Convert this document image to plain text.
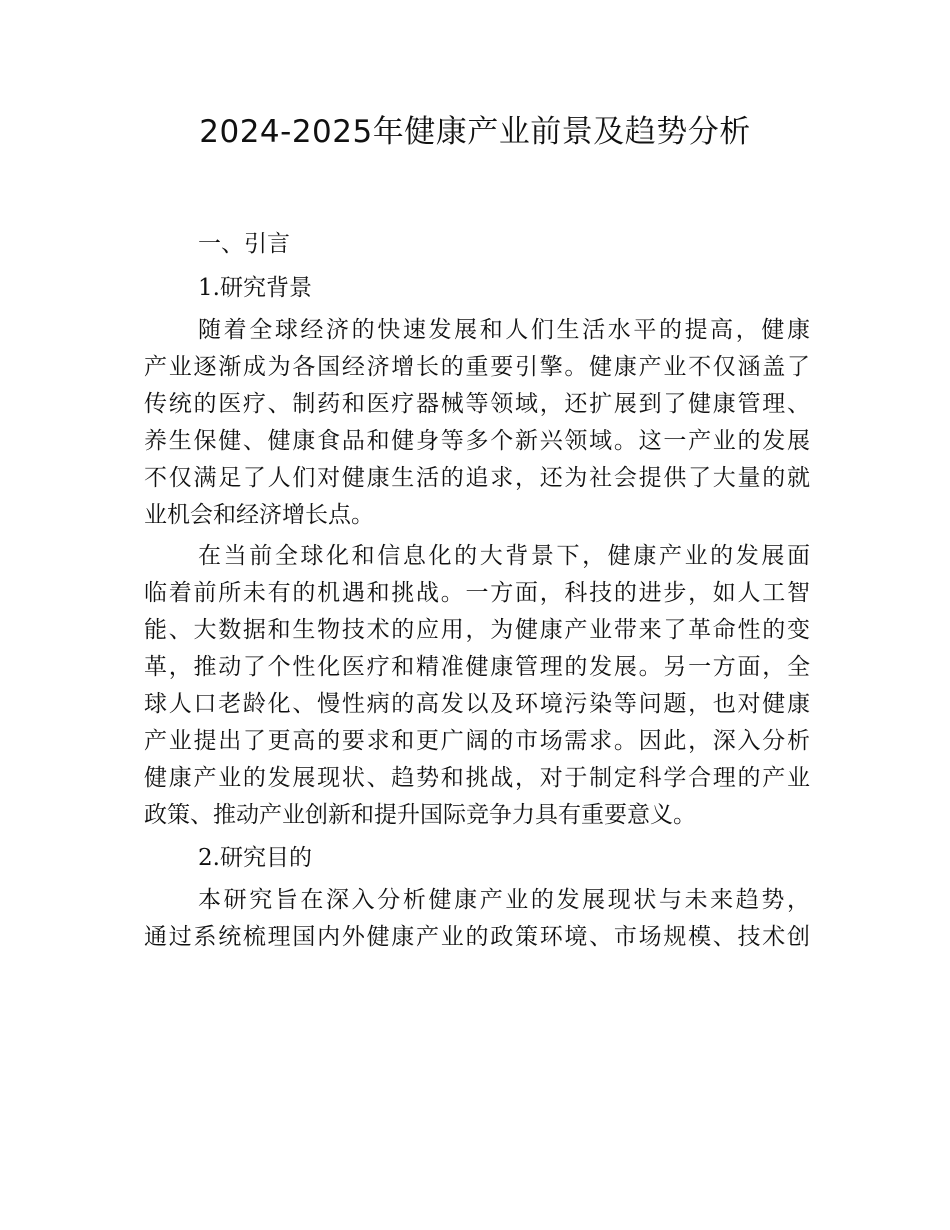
2024-2025年健康产业前景及趋势分析
一、引言
1.研究背景
随着全球经济的快速发展和人们生活水平的提高，健康
产业逐渐成为各国经济增长的重要引擎。健康产业不仅涵盖了
传统的医疗、制药和医疗器械等领域，还扩展到了健康管理、
养生保健、健康食品和健身等多个新兴领域。这一产业的发展
不仅满足了人们对健康生活的追求，还为社会提供了大量的就
业机会和经济增长点。
在当前全球化和信息化的大背景下，健康产业的发展面
临着前所未有的机遇和挑战。一方面，科技的进步，如人工智
能、大数据和生物技术的应用，为健康产业带来了革命性的变
革，推动了个性化医疗和精准健康管理的发展。另一方面，全
球人口老龄化、慢性病的高发以及环境污染等问题，也对健康
产业提出了更高的要求和更广阔的市场需求。因此，深入分析
健康产业的发展现状、趋势和挑战，对于制定科学合理的产业
政策、推动产业创新和提升国际竞争力具有重要意义。
2.研究目的
本研究旨在深入分析健康产业的发展现状与未来趋势，
通过系统梳理国内外健康产业的政策环境、市场规模、技术创
